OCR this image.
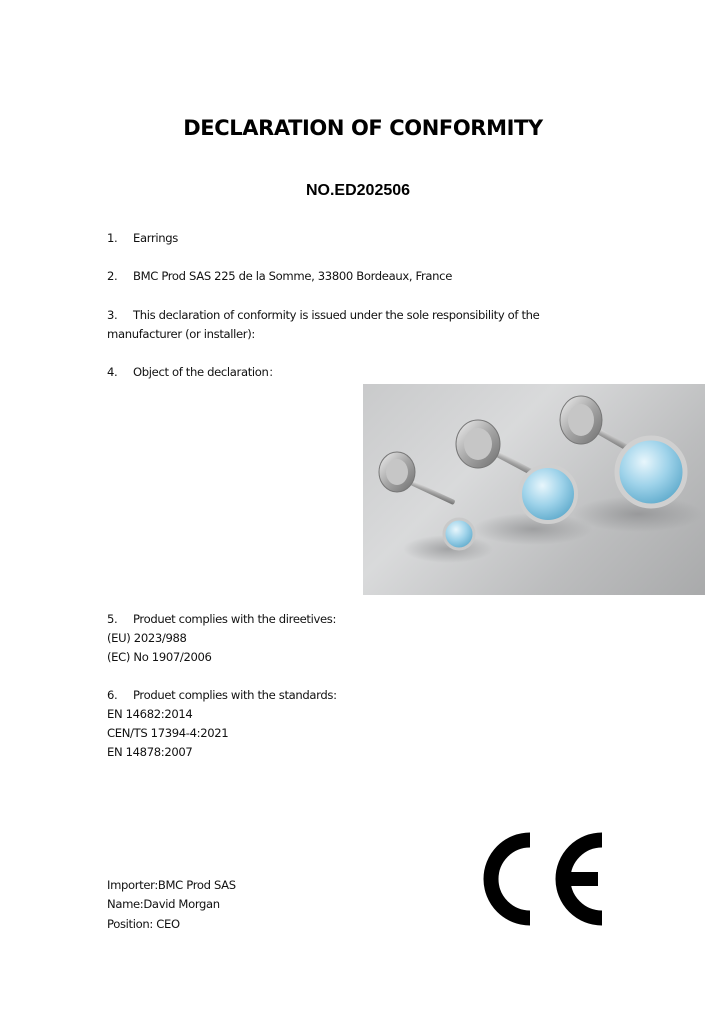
DECLARATION OF CONFORMITY
NO.ED202506
1. Earrings
2. BMC Prod SAS 225 de la Somme, 33800 Bordeaux, France
3. This declaration of conformity is issued under the sole responsibility of the
manufacturer (or installer):
4. Object of the declaration：
5. Produet complies with the direetives:
(EU) 2023/988
(EC) No 1907/2006
6. Produet complies with the standards:
EN 14682:2014
CEN/TS 17394-4:2021
EN 14878:2007
Importer:BMC Prod SAS
Name:David Morgan
Position: CEO
